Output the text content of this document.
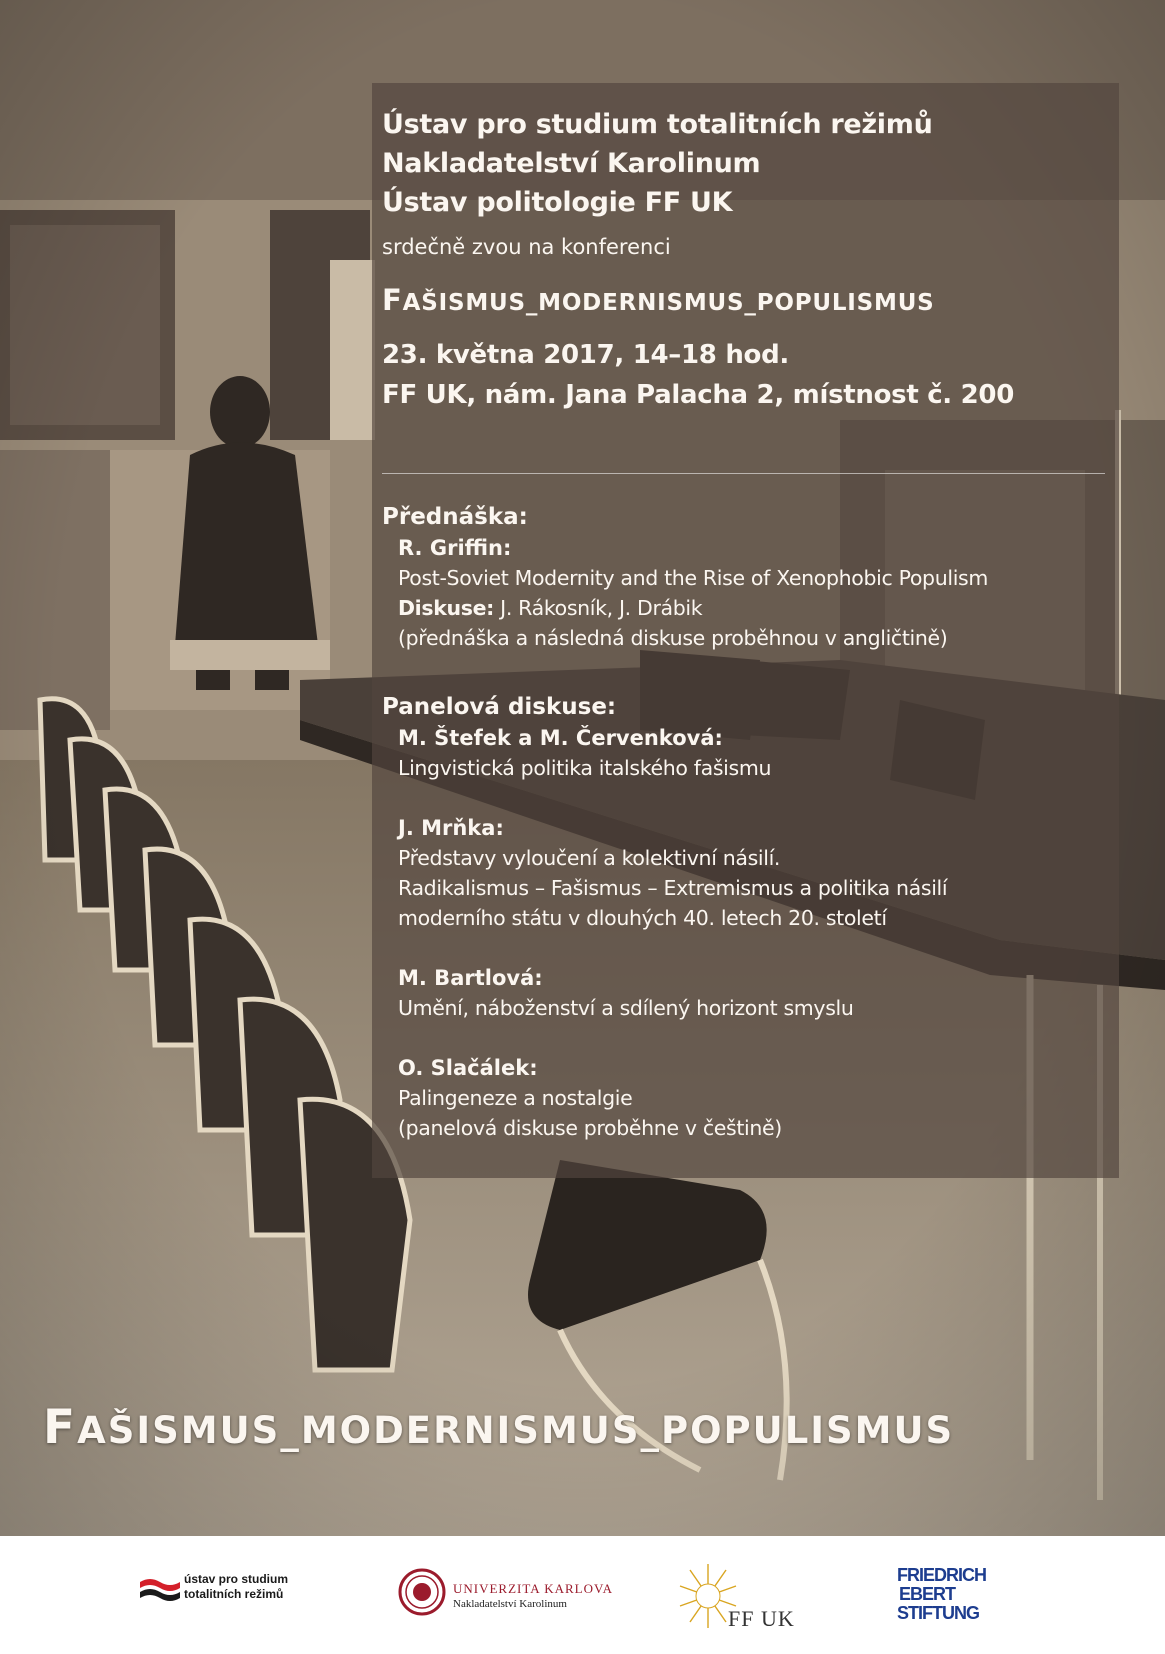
Ústav pro studium totalitních režimů
Nakladatelství Karolinum
Ústav politologie FF UK
srdečně zvou na konferenci
FAŠISMUS_MODERNISMUS_POPULISMUS
23. května 2017, 14–18 hod.
FF UK, nám. Jana Palacha 2, místnost č. 200
Přednáška:
R. Griffin:
Post-Soviet Modernity and the Rise of Xenophobic Populism
Diskuse: J. Rákosník, J. Drábik
(přednáška a následná diskuse proběhnou v angličtině)
Panelová diskuse:
M. Štefek a M. Červenková:
Lingvistická politika italského fašismu
J. Mrňka:
Představy vyloučení a kolektivní násilí.
Radikalismus – Fašismus – Extremismus a politika násilí
moderního státu v dlouhých 40. letech 20. století
M. Bartlová:
Umění, náboženství a sdílený horizont smyslu
O. Slačálek:
Palingeneze a nostalgie
(panelová diskuse proběhne v češtině)
FAŠISMUS_MODERNISMUS_POPULISMUS
ústav pro studium
totalitních režimů	UNIVERZITA KARLOVA
Nakladatelství Karolinum
FF UK
FRIEDRICH
EBERT
STIFTUNG
